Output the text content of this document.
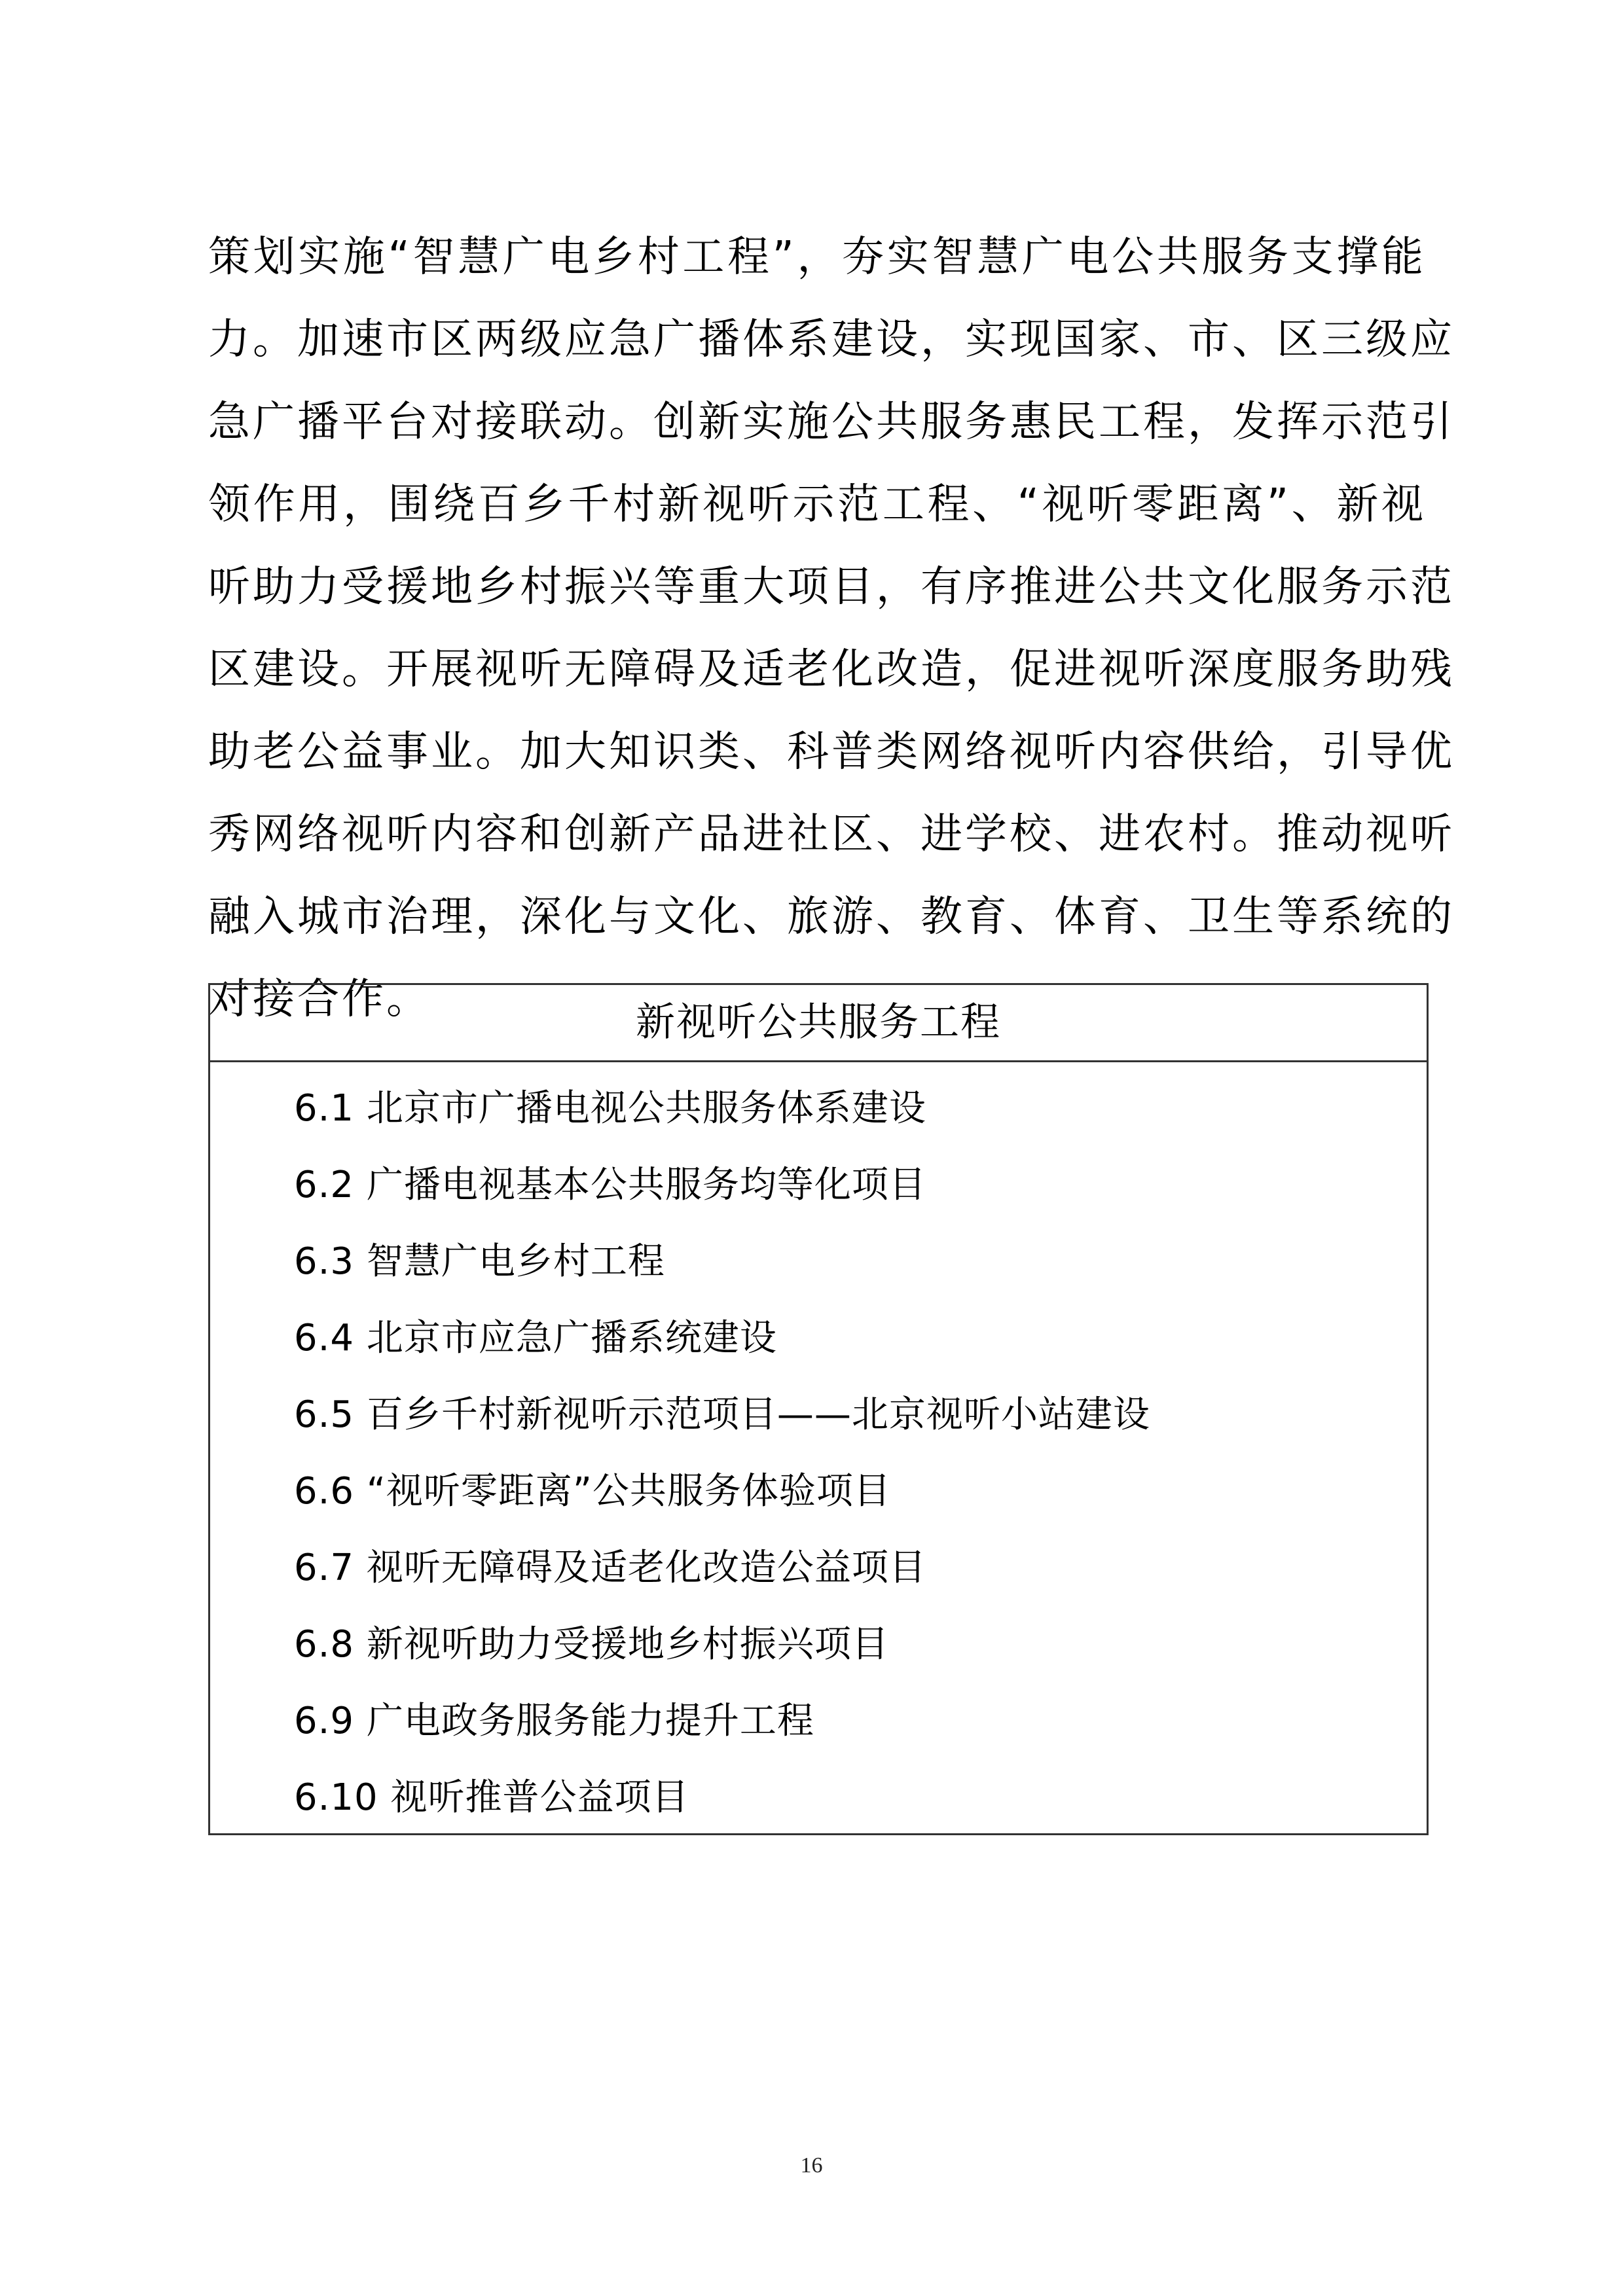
策划实施“智慧广电乡村工程”，夯实智慧广电公共服务支撑能
力。加速市区两级应急广播体系建设，实现国家、市、区三级应
急广播平台对接联动。创新实施公共服务惠民工程，发挥示范引
领作用，围绕百乡千村新视听示范工程、“视听零距离”、新视
听助力受援地乡村振兴等重大项目，有序推进公共文化服务示范
区建设。开展视听无障碍及适老化改造，促进视听深度服务助残
助老公益事业。加大知识类、科普类网络视听内容供给，引导优
秀网络视听内容和创新产品进社区、进学校、进农村。推动视听
融入城市治理，深化与文化、旅游、教育、体育、卫生等系统的
对接合作。	新视听公共服务工程
6.1 北京市广播电视公共服务体系建设
6.2 广播电视基本公共服务均等化项目
6.3 智慧广电乡村工程
6.4 北京市应急广播系统建设
6.5 百乡千村新视听示范项目——北京视听小站建设
6.6 “视听零距离”公共服务体验项目
6.7 视听无障碍及适老化改造公益项目
6.8 新视听助力受援地乡村振兴项目
6.9 广电政务服务能力提升工程
6.10 视听推普公益项目
16
